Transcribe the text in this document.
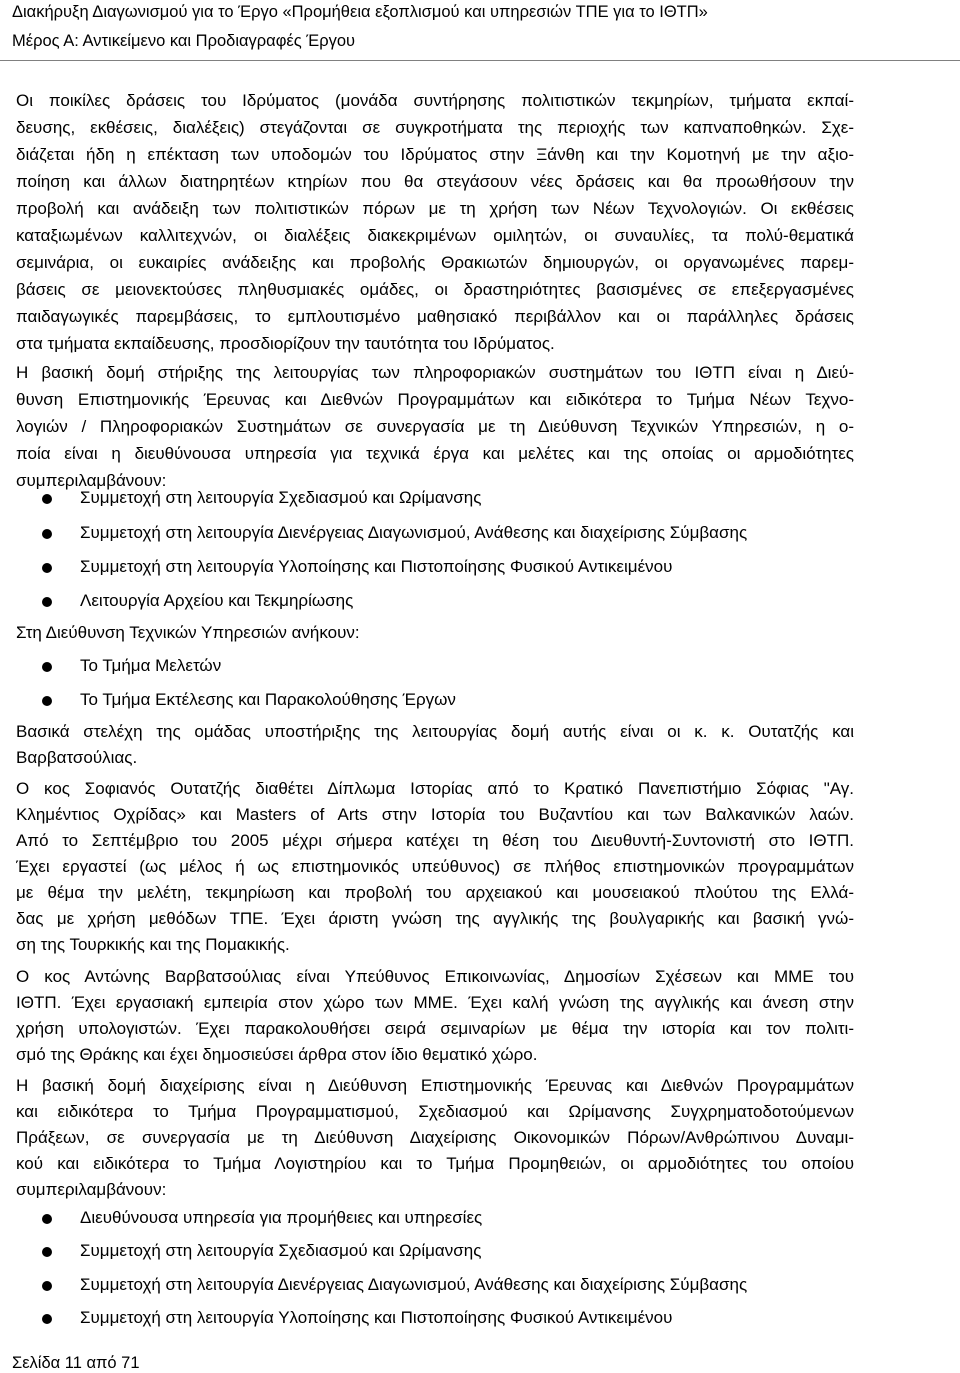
Διακήρυξη Διαγωνισμού για το Έργο «Προμήθεια εξοπλισμού και υπηρεσιών ΤΠΕ για το ΙΘΤΠ»
Μέρος Α: Αντικείμενο και Προδιαγραφές Έργου

Οι ποικίλες δράσεις του Ιδρύματος (μονάδα συντήρησης πολιτιστικών τεκμηρίων, τμήματα εκπαί-

δευσης, εκθέσεις, διαλέξεις) στεγάζονται σε συγκροτήματα της περιοχής των καπναποθηκών. Σχε-

διάζεται ήδη η επέκταση των υποδομών του Ιδρύματος στην Ξάνθη και την Κομοτηνή με την αξιο-

ποίηση και άλλων διατηρητέων κτηρίων που θα στεγάσουν νέες δράσεις και θα προωθήσουν την

προβολή και ανάδειξη των πολιτιστικών πόρων με τη χρήση των Νέων Τεχνολογιών. Οι εκθέσεις

καταξιωμένων καλλιτεχνών, οι διαλέξεις διακεκριμένων ομιλητών, οι συναυλίες, τα πολύ-θεματικά

σεμινάρια, οι ευκαιρίες ανάδειξης και προβολής Θρακιωτών δημιουργών, οι οργανωμένες παρεμ-

βάσεις σε μειονεκτούσες πληθυσμιακές ομάδες, οι δραστηριότητες βασισμένες σε επεξεργασμένες

παιδαγωγικές παρεμβάσεις, το εμπλουτισμένο μαθησιακό περιβάλλον και οι παράλληλες δράσεις

στα τμήματα εκπαίδευσης, προσδιορίζουν την ταυτότητα του Ιδρύματος.

Η βασική δομή στήριξης της λειτουργίας των πληροφοριακών συστημάτων του ΙΘΤΠ είναι η Διεύ-

θυνση Επιστημονικής Έρευνας και Διεθνών Προγραμμάτων και ειδικότερα το Τμήμα Νέων Τεχνο-

λογιών / Πληροφοριακών Συστημάτων σε συνεργασία με τη Διεύθυνση Τεχνικών Υπηρεσιών, η ο-

ποία είναι η διευθύνουσα υπηρεσία για τεχνικά έργα και μελέτες και της οποίας οι αρμοδιότητες

συμπεριλαμβάνουν:

Συμμετοχή στη λειτουργία Σχεδιασμού και Ωρίμανσης
Συμμετοχή στη λειτουργία Διενέργειας Διαγωνισμού, Ανάθεσης και διαχείρισης Σύμβασης
Συμμετοχή στη λειτουργία Υλοποίησης και Πιστοποίησης Φυσικού Αντικειμένου
Λειτουργία Αρχείου και Τεκμηρίωσης

Στη Διεύθυνση Τεχνικών Υπηρεσιών ανήκουν:

Το Τμήμα Μελετών
Το Τμήμα Εκτέλεσης και Παρακολούθησης Έργων

Βασικά στελέχη της ομάδας υποστήριξης της λειτουργίας δομή αυτής είναι οι κ. κ. Ουτατζής και

Βαρβατσούλιας.

Ο κος Σοφιανός Ουτατζής διαθέτει Δίπλωμα Ιστορίας από το Κρατικό Πανεπιστήμιο Σόφιας "Αγ.

Κλημέντιος Οχρίδας» και Masters of Arts στην Ιστορία του Βυζαντίου και των Βαλκανικών λαών.

Από το Σεπτέμβριο του 2005 μέχρι σήμερα κατέχει τη θέση του Διευθυντή-Συντονιστή στο ΙΘΤΠ.

Έχει εργαστεί (ως μέλος ή ως επιστημονικός υπεύθυνος) σε πλήθος επιστημονικών προγραμμάτων

με θέμα την μελέτη, τεκμηρίωση και προβολή του αρχειακού και μουσειακού πλούτου της Ελλά-

δας με χρήση μεθόδων ΤΠΕ. Έχει άριστη γνώση της αγγλικής της βουλγαρικής και βασική γνώ-

ση της Τουρκικής και της Πομακικής.

Ο κος Αντώνης Βαρβατσούλιας είναι Υπεύθυνος Επικοινωνίας, Δημοσίων Σχέσεων και ΜΜΕ του

ΙΘΤΠ. Έχει εργασιακή εμπειρία στον χώρο των ΜΜΕ. Έχει καλή γνώση της αγγλικής και άνεση στην

χρήση υπολογιστών. Έχει παρακολουθήσει σειρά σεμιναρίων με θέμα την ιστορία και τον πολιτι-

σμό της Θράκης και έχει δημοσιεύσει άρθρα στον ίδιο θεματικό χώρο.

Η βασική δομή διαχείρισης είναι η Διεύθυνση Επιστημονικής Έρευνας και Διεθνών Προγραμμάτων

και ειδικότερα το Τμήμα Προγραμματισμού, Σχεδιασμού και Ωρίμανσης Συγχρηματοδοτούμενων

Πράξεων, σε συνεργασία με τη Διεύθυνση Διαχείρισης Οικονομικών Πόρων/Ανθρώπινου Δυναμι-

κού και ειδικότερα το Τμήμα Λογιστηρίου και το Τμήμα Προμηθειών, οι αρμοδιότητες του οποίου

συμπεριλαμβάνουν:

Διευθύνουσα υπηρεσία για προμήθειες και υπηρεσίες
Συμμετοχή στη λειτουργία Σχεδιασμού και Ωρίμανσης
Συμμετοχή στη λειτουργία Διενέργειας Διαγωνισμού, Ανάθεσης και διαχείρισης Σύμβασης
Συμμετοχή στη λειτουργία Υλοποίησης και Πιστοποίησης Φυσικού Αντικειμένου
Σελίδα 11 από 71
